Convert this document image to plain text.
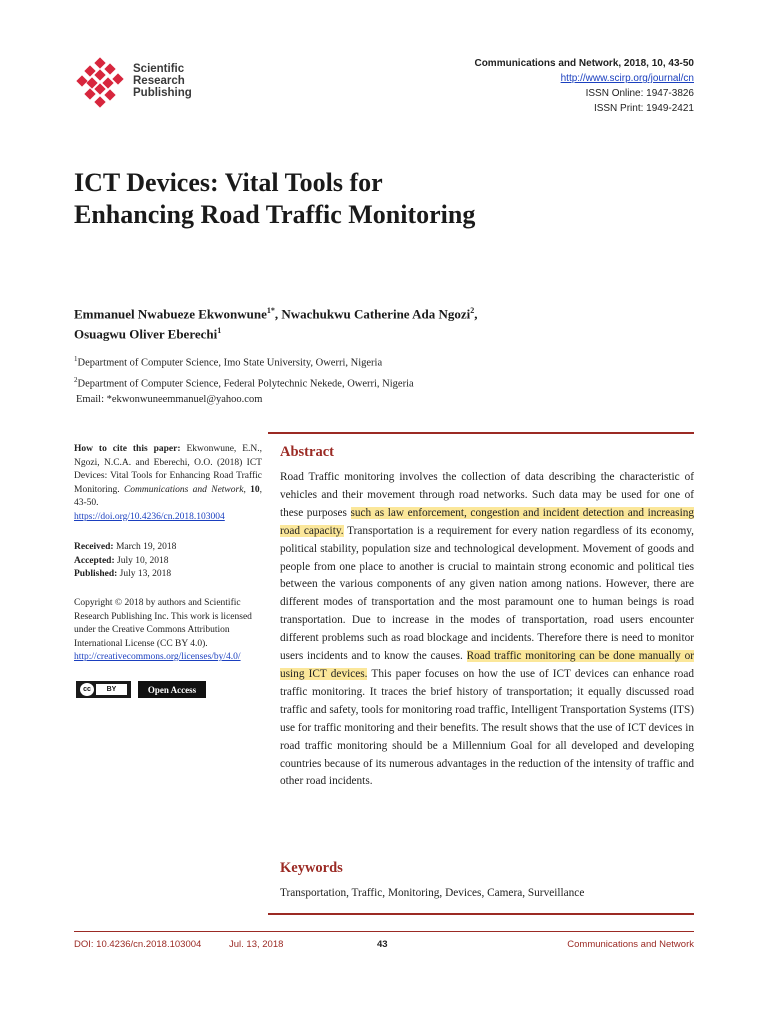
Scientific
Research
Publishing
Communications and Network, 2018, 10, 43-50
http://www.scirp.org/journal/cn
ISSN Online: 1947-3826
ISSN Print: 1949-2421
ICT Devices: Vital Tools for Enhancing Road Traffic Monitoring
Emmanuel Nwabueze Ekwonwune$^{1*}$, Nwachukwu Catherine Ada Ngozi$^2$,
Osuagwu Oliver Eberechi$^1$
$^1$Department of Computer Science, Imo State University, Owerri, Nigeria
$^2$Department of Computer Science, Federal Polytechnic Nekede, Owerri, Nigeria
Email: *ekwonwuneemmanuel@yahoo.com
How to cite this paper: Ekwonwune, E.N., Ngozi, N.C.A. and Eberechi, O.O. (2018) ICT Devices: Vital Tools for Enhancing Road Traffic Monitoring. Communications and Network, 10, 43-50.
https://doi.org/10.4236/cn.2018.103004
Received: March 19, 2018
Accepted: July 10, 2018
Published: July 13, 2018
Copyright © 2018 by authors and Scientific Research Publishing Inc. This work is licensed under the Creative Commons Attribution International License (CC BY 4.0).
http://creativecommons.org/licenses/by/4.0/
cc	BY	Open Access
Abstract
Road Traffic monitoring involves the collection of data describing the characteristic of vehicles and their movement through road networks. Such data may be used for one of these purposes such as law enforcement, congestion and incident detection and increasing road capacity. Transportation is a requirement for every nation regardless of its economy, political stability, population size and technological development. Movement of goods and people from one place to another is crucial to maintain strong economic and political ties between the various components of any given nation among nations. However, there are different modes of transportation and the most paramount one to human beings is road transportation. Due to increase in the modes of transportation, road users encounter different problems such as road blockage and incidents. Therefore there is need to monitor users incidents and to know the causes. Road traffic monitoring can be done manually or using ICT devices. This paper focuses on how the use of ICT devices can enhance road traffic monitoring. It traces the brief history of transportation; it equally discussed road traffic and safety, tools for monitoring road traffic, Intelligent Transportation Systems (ITS) use for traffic monitoring and their benefits. The result shows that the use of ICT devices in road traffic monitoring should be a Millennium Goal for all developed and developing countries because of its numerous advantages in the reduction of the intensity of traffic and other road incidents.
Keywords
Transportation, Traffic, Monitoring, Devices, Camera, Surveillance
DOI: 10.4236/cn.2018.103004	Jul. 13, 2018	43	Communications and Network
